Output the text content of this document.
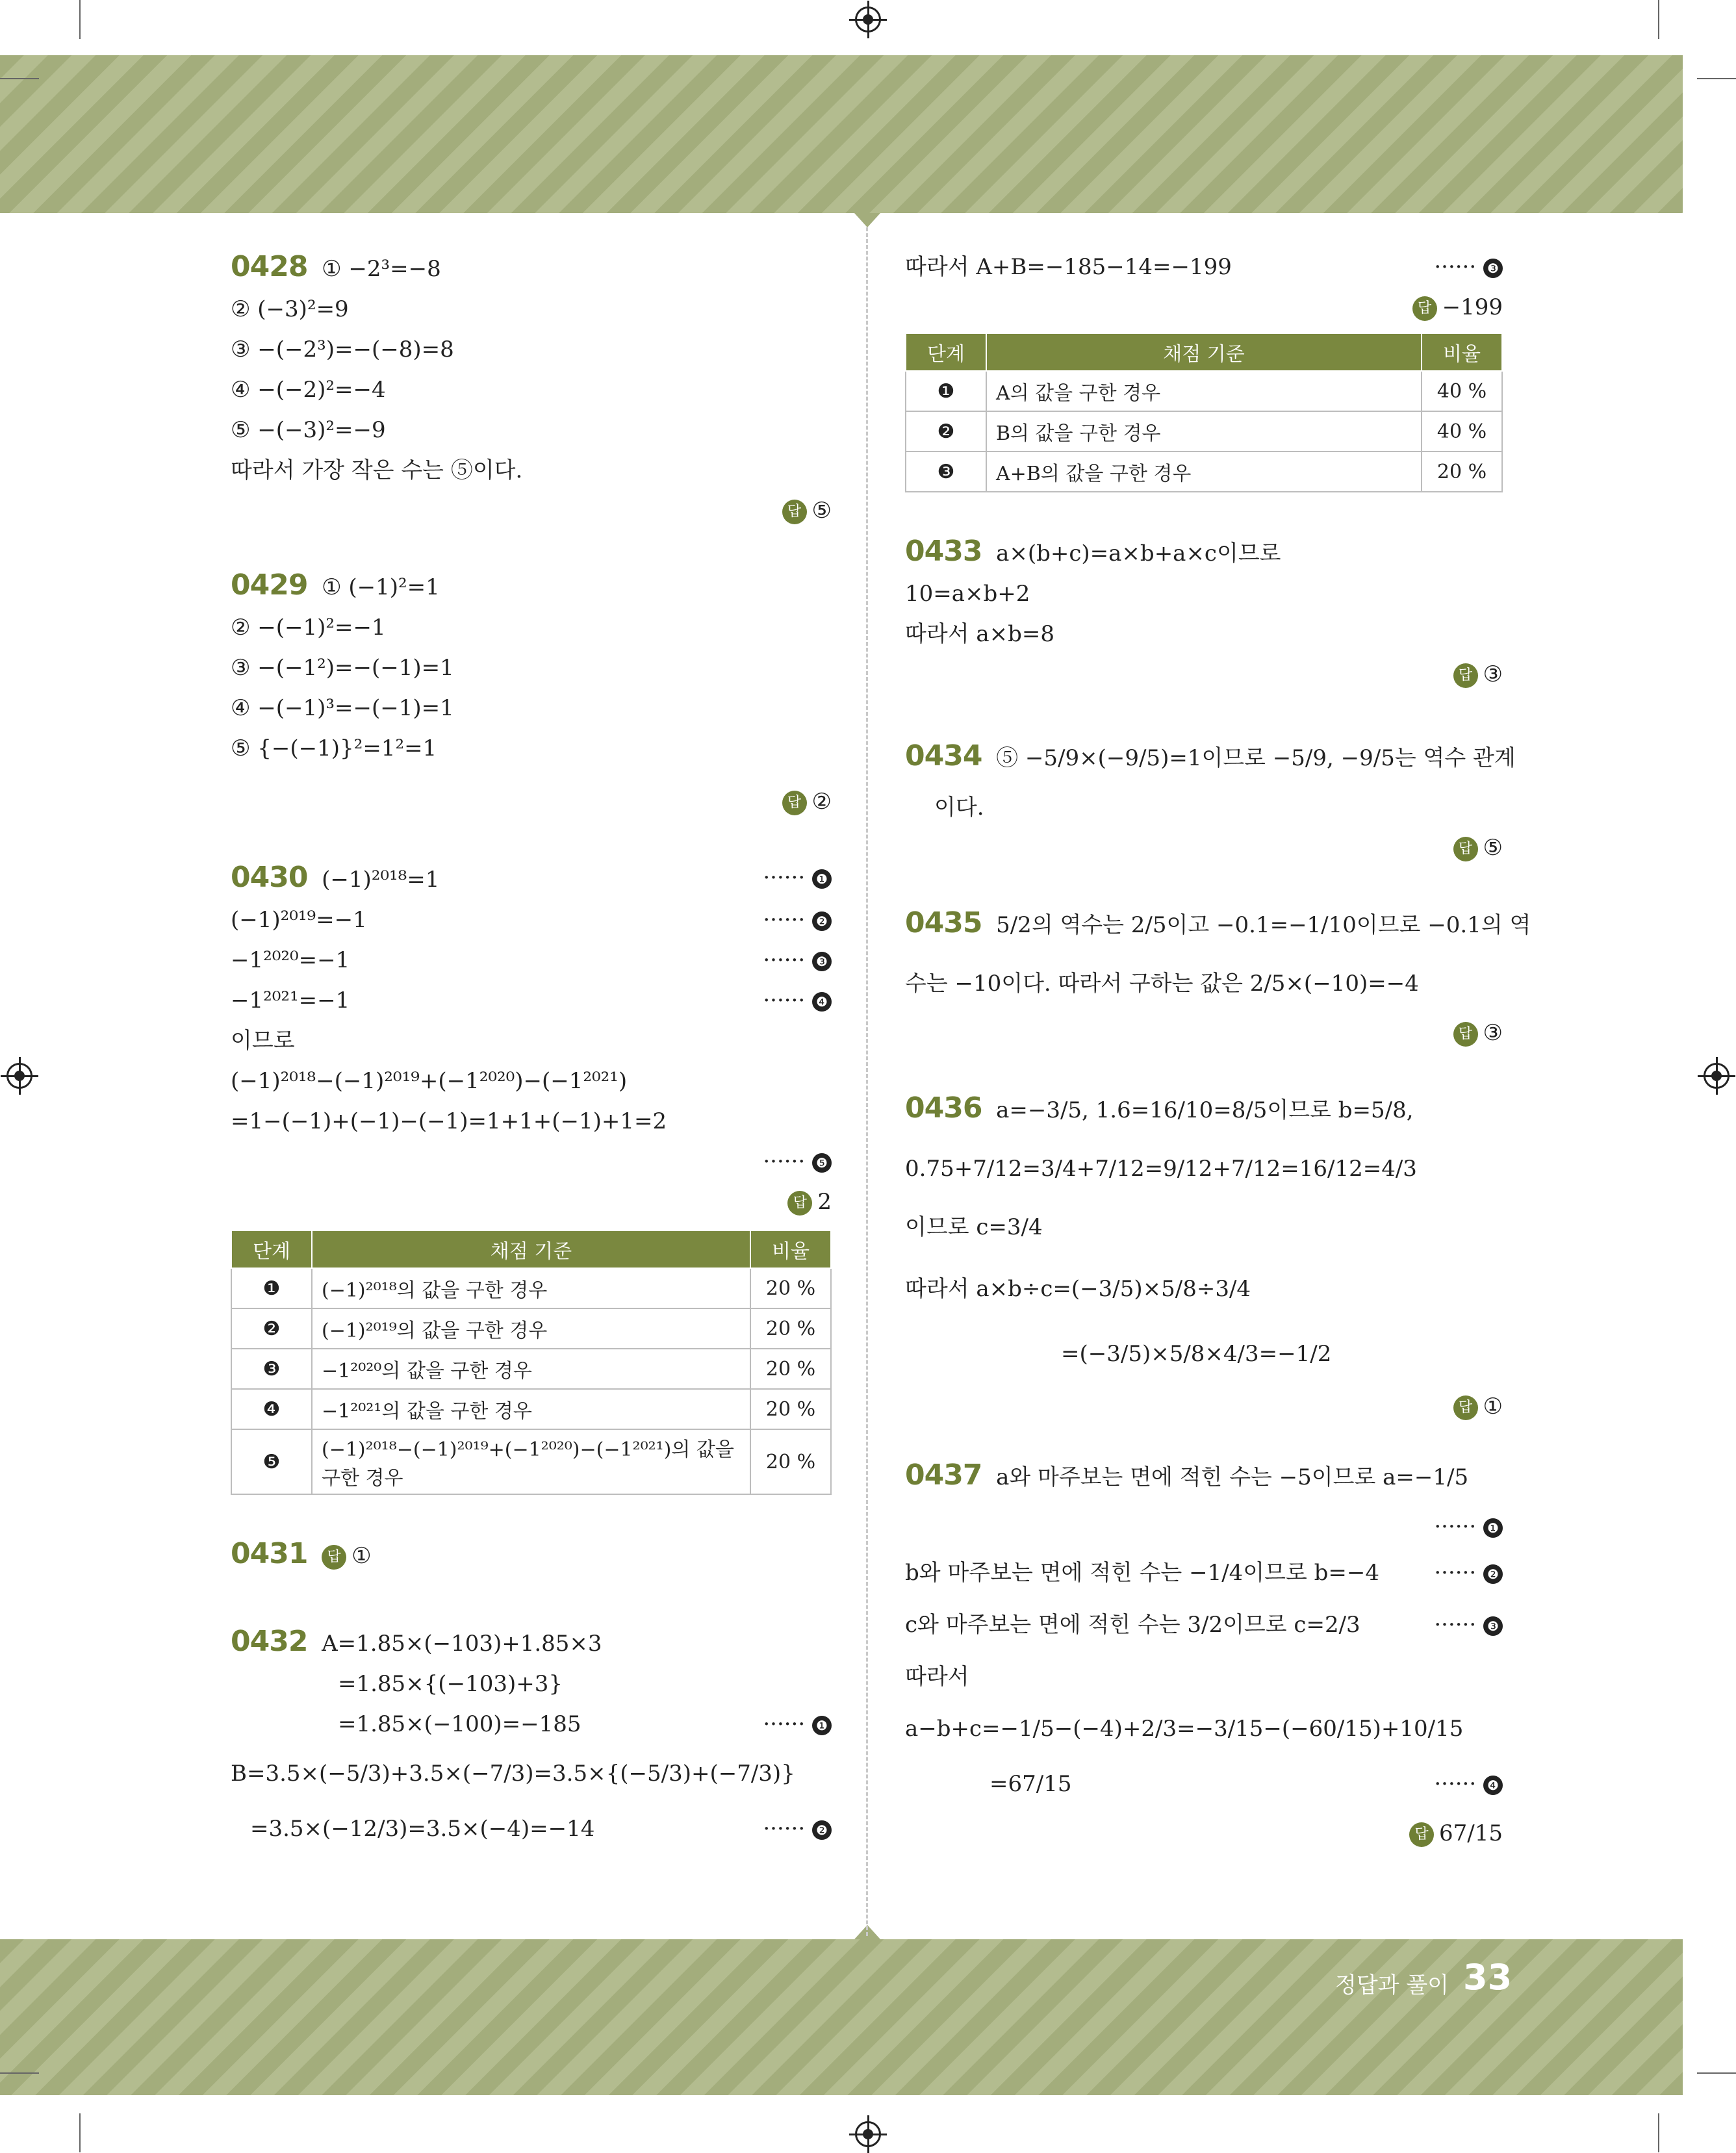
0428 ① −2³=−8
② (−3)²=9
③ −(−2³)=−(−8)=8
④ −(−2)²=−4
⑤ −(−3)²=−9
따라서 가장 작은 수는 ⑤이다.
답 ⑤
0429 ① (−1)²=1
② −(−1)²=−1
③ −(−1²)=−(−1)=1
④ −(−1)³=−(−1)=1
⑤ {−(−1)}²=1²=1
답 ②
0430 (−1)²⁰¹⁸=1	······ ❶
(−1)²⁰¹⁹=−1	······ ❷
−1²⁰²⁰=−1	······ ❸
−1²⁰²¹=−1	······ ❹
이므로
(−1)²⁰¹⁸−(−1)²⁰¹⁹+(−1²⁰²⁰)−(−1²⁰²¹)
=1−(−1)+(−1)−(−1)=1+1+(−1)+1=2
······ ❺

답 2
단계	채점 기준	비율
❶	(−1)²⁰¹⁸의 값을 구한 경우	20 %
❷	(−1)²⁰¹⁹의 값을 구한 경우	20 %
❸	−1²⁰²⁰의 값을 구한 경우	20 %
❹	−1²⁰²¹의 값을 구한 경우	20 %
❺	(−1)²⁰¹⁸−(−1)²⁰¹⁹+(−1²⁰²⁰)−(−1²⁰²¹)의 값을 구한 경우	20 %
0431 답 ①
0432 A=1.85×(−103)+1.85×3
=1.85×{(−103)+3}
=1.85×(−100)=−185	······ ❶
B=3.5×(−5/3)+3.5×(−7/3)=3.5×{(−5/3)+(−7/3)}
=3.5×(−12/3)=3.5×(−4)=−14	······ ❷
따라서 A+B=−185−14=−199	······ ❸
답 −199
단계	채점 기준	비율
❶	A의 값을 구한 경우	40 %
❷	B의 값을 구한 경우	40 %
❸	A+B의 값을 구한 경우	20 %
0433 a×(b+c)=a×b+a×c이므로
10=a×b+2
따라서 a×b=8
답 ③
0434 ⑤ −5/9×(−9/5)=1이므로 −5/9, −9/5는 역수 관계
이다.
답 ⑤
0435 5/2의 역수는 2/5이고 −0.1=−1/10이므로 −0.1의 역
수는 −10이다. 따라서 구하는 값은 2/5×(−10)=−4
답 ③
0436 a=−3/5, 1.6=16/10=8/5이므로 b=5/8,
0.75+7/12=3/4+7/12=9/12+7/12=16/12=4/3
이므로 c=3/4
따라서 a×b÷c=(−3/5)×5/8÷3/4
=(−3/5)×5/8×4/3=−1/2
답 ①
0437 a와 마주보는 면에 적힌 수는 −5이므로 a=−1/5
······ ❶

b와 마주보는 면에 적힌 수는 −1/4이므로 b=−4 ······ ❷
c와 마주보는 면에 적힌 수는 3/2이므로 c=2/3	······ ❸
따라서
a−b+c=−1/5−(−4)+2/3=−3/15−(−60/15)+10/15
=67/15	······ ❹
답 67/15
정답과 풀이 33
